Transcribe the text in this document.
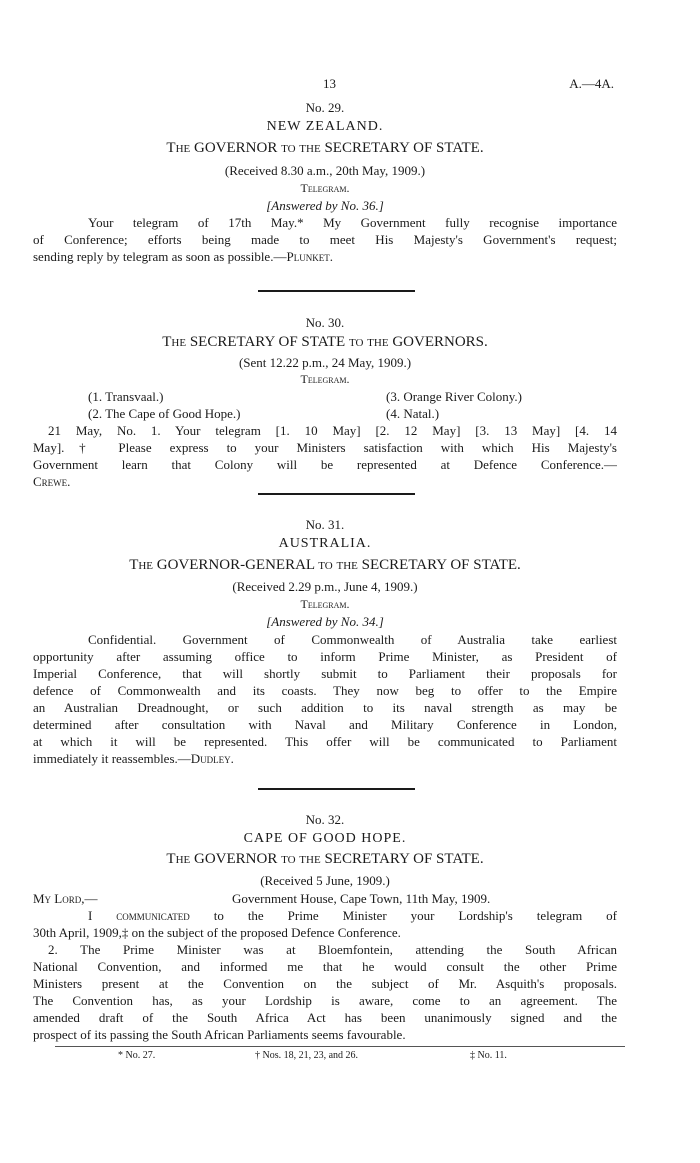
13	A.—4A.
No. 29.
NEW ZEALAND.
The GOVERNOR to the SECRETARY OF STATE.
(Received 8.30 a.m., 20th May, 1909.)
Telegram.
[Answered by No. 36.]
Your telegram of 17th May.* My Government fully recognise importance
of Conference; efforts being made to meet His Majesty's Government's request;
sending reply by telegram as soon as possible.—Plunket.
No. 30.
The SECRETARY OF STATE to the GOVERNORS.
(Sent 12.22 p.m., 24 May, 1909.)
Telegram.
(1. Transvaal.)	(3. Orange River Colony.)
(2. The Cape of Good Hope.)	(4. Natal.)
21 May, No. 1. Your telegram [1. 10 May] [2. 12 May] [3. 13 May] [4. 14
May].† Please express to your Ministers satisfaction with which His Majesty's
Government learn that Colony will be represented at Defence Conference.—
Crewe.
No. 31.
AUSTRALIA.
The GOVERNOR-GENERAL to the SECRETARY OF STATE.
(Received 2.29 p.m., June 4, 1909.)
Telegram.
[Answered by No. 34.]
Confidential. Government of Commonwealth of Australia take earliest
opportunity after assuming office to inform Prime Minister, as President of
Imperial Conference, that will shortly submit to Parliament their proposals for
defence of Commonwealth and its coasts. They now beg to offer to the Empire
an Australian Dreadnought, or such addition to its naval strength as may be
determined after consultation with Naval and Military Conference in London,
at which it will be represented. This offer will be communicated to Parliament
immediately it reassembles.—Dudley.
No. 32.
CAPE OF GOOD HOPE.
The GOVERNOR to the SECRETARY OF STATE.
(Received 5 June, 1909.)
My Lord,—	Government House, Cape Town, 11th May, 1909.
I communicated to the Prime Minister your Lordship's telegram of
30th April, 1909,‡ on the subject of the proposed Defence Conference.
2. The Prime Minister was at Bloemfontein, attending the South African
National Convention, and informed me that he would consult the other Prime
Ministers present at the Convention on the subject of Mr. Asquith's proposals.
The Convention has, as your Lordship is aware, come to an agreement. The
amended draft of the South Africa Act has been unanimously signed and the
prospect of its passing the South African Parliaments seems favourable.
* No. 27.	† Nos. 18, 21, 23, and 26.	‡ No. 11.
